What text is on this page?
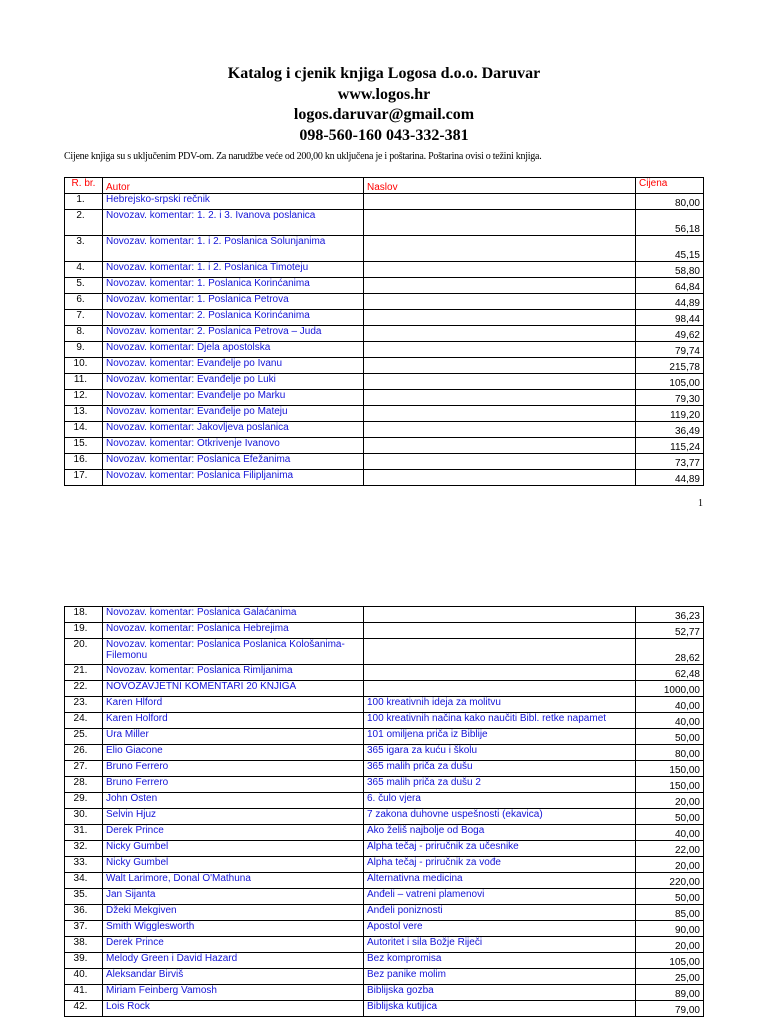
Katalog i cjenik knjiga Logosa d.o.o. Daruvar
www.logos.hr
logos.daruvar@gmail.com
098-560-160 043-332-381
Cijene knjiga su s uključenim PDV-om. Za narudžbe veće od 200,00 kn uključena je i poštarina. Poštarina ovisi o težini knjiga.
R. br.	Autor	Naslov	Cijena
1.	Hebrejsko-srpski rečnik		80,00
2.	Novozav. komentar: 1. 2. i 3. Ivanova poslanica		56,18
3.	Novozav. komentar: 1. i 2. Poslanica Solunjanima		45,15
4.	Novozav. komentar: 1. i 2. Poslanica Timoteju		58,80
5.	Novozav. komentar: 1. Poslanica Korinćanima		64,84
6.	Novozav. komentar: 1. Poslanica Petrova		44,89
7.	Novozav. komentar: 2. Poslanica Korinćanima		98,44
8.	Novozav. komentar: 2. Poslanica Petrova – Juda		49,62
9.	Novozav. komentar: Djela apostolska		79,74
10.	Novozav. komentar: Evanđelje po Ivanu		215,78
11.	Novozav. komentar: Evanđelje po Luki		105,00
12.	Novozav. komentar: Evanđelje po Marku		79,30
13.	Novozav. komentar: Evanđelje po Mateju		119,20
14.	Novozav. komentar: Jakovljeva poslanica		36,49
15.	Novozav. komentar: Otkrivenje Ivanovo		115,24
16.	Novozav. komentar: Poslanica Efežanima		73,77
17.	Novozav. komentar: Poslanica Filipljanima		44,89
1
18.	Novozav. komentar: Poslanica Galaćanima		36,23
19.	Novozav. komentar: Poslanica Hebrejima		52,77
20.	Novozav. komentar: Poslanica Poslanica Kološanima- Filemonu		28,62
21.	Novozav. komentar: Poslanica Rimljanima		62,48
22.	NOVOZAVJETNI KOMENTARI 20 KNJIGA		1000,00
23.	Karen Hlford	100 kreativnih ideja za molitvu	40,00
24.	Karen Holford	100 kreativnih načina kako naučiti Bibl. retke napamet	40,00
25.	Ura Miller	101 omiljena priča iz Biblije	50,00
26.	Elio Giacone	365 igara za kuću i školu	80,00
27.	Bruno Ferrero	365 malih priča za dušu	150,00
28.	Bruno Ferrero	365 malih priča za dušu 2	150,00
29.	John Osten	6. čulo vjera	20,00
30.	Selvin Hjuz	7 zakona duhovne uspešnosti (ekavica)	50,00
31.	Derek Prince	Ako želiš najbolje od Boga	40,00
32.	Nicky Gumbel	Alpha tečaj - priručnik za učesnike	22,00
33.	Nicky Gumbel	Alpha tečaj - priručnik za vođe	20,00
34.	Walt Larimore, Donal O'Mathuna	Alternativna medicina	220,00
35.	Jan Sijanta	Anđeli – vatreni plamenovi	50,00
36.	Džeki Mekgiven	Anđeli poniznosti	85,00
37.	Smith Wigglesworth	Apostol vere	90,00
38.	Derek Prince	Autoritet i sila Božje Riječi	20,00
39.	Melody Green i David Hazard	Bez kompromisa	105,00
40.	Aleksandar Birviš	Bez panike molim	25,00
41.	Miriam Feinberg Vamosh	Biblijska gozba	89,00
42.	Lois Rock	Biblijska kutijica	79,00
